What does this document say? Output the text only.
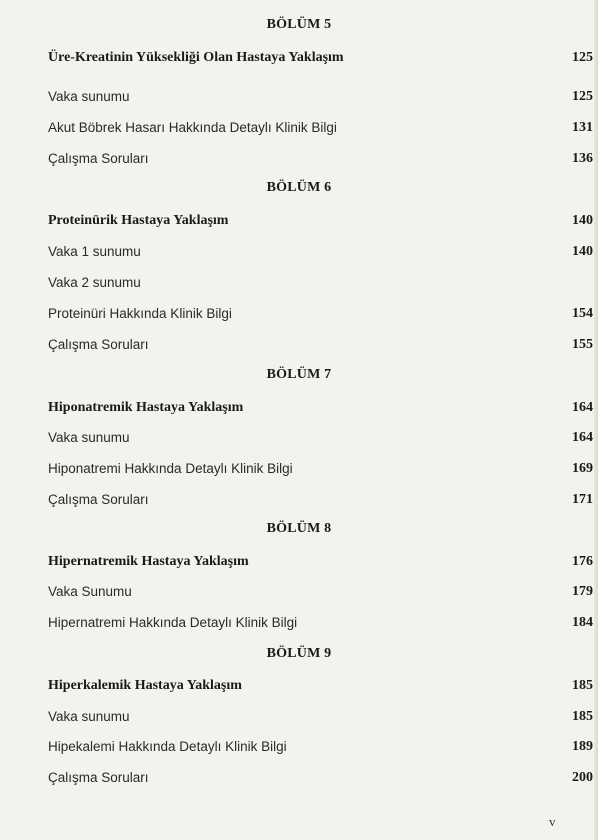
BÖLÜM 5
Üre-Kreatinin Yüksekliği Olan Hastaya Yaklaşım	125
Vaka sunumu	125
Akut Böbrek Hasarı Hakkında Detaylı Klinik Bilgi	131
Çalışma Soruları	136
BÖLÜM 6
Proteinürik Hastaya Yaklaşım	140
Vaka 1 sunumu	140
Vaka 2 sunumu
Proteinüri Hakkında Klinik Bilgi	154
Çalışma Soruları	155
BÖLÜM 7
Hiponatremik Hastaya Yaklaşım	164
Vaka sunumu	164
Hiponatremi Hakkında Detaylı Klinik Bilgi	169
Çalışma Soruları	171
BÖLÜM 8
Hipernatremik Hastaya Yaklaşım	176
Vaka Sunumu	179
Hipernatremi Hakkında Detaylı Klinik Bilgi	184
BÖLÜM 9
Hiperkalemik Hastaya Yaklaşım	185
Vaka sunumu	185
Hipekalemi Hakkında Detaylı Klinik Bilgi	189
Çalışma Soruları	200
v
